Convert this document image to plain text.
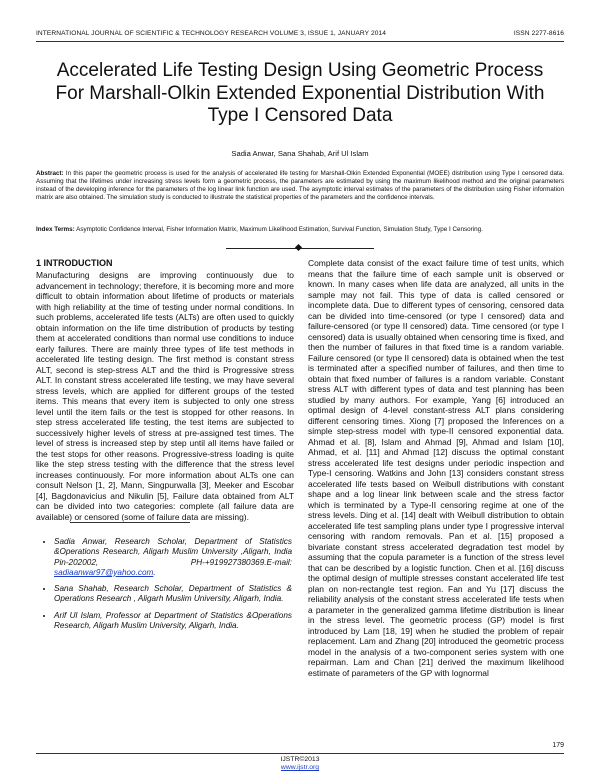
INTERNATIONAL JOURNAL OF SCIENTIFIC & TECHNOLOGY RESEARCH VOLUME 3, ISSUE 1, JANUARY 2014	ISSN 2277-8616
Accelerated Life Testing Design Using Geometric Process For Marshall-Olkin Extended Exponential Distribution With Type I Censored Data
Sadia Anwar, Sana Shahab, Arif Ul Islam
Abstract: In this paper the geometric process is used for the analysis of accelerated life testing for Marshall-Olkin Extended Exponential (MOEE) distribution using Type I censored data. Assuming that the lifetimes under increasing stress levels form a geometric process, the parameters are estimated by using the maximum likelihood method and the original parameters instead of the developing inference for the parameters of the log linear link function are used. The asymptotic interval estimates of the parameters of the distribution using Fisher information matrix are also obtained. The simulation study is conducted to illustrate the statistical properties of the parameters and the confidence intervals.
Index Terms: Asymptotic Confidence Interval, Fisher Information Matrix, Maximum Likelihood Estimation, Survival Function, Simulation Study, Type I Censoring.
1 INTRODUCTION

Manufacturing designs are improving continuously due to advancement in technology; therefore, it is becoming more and more difficult to obtain information about lifetime of products or materials with high reliability at the time of testing under normal conditions. In such problems, accelerated life tests (ALTs) are often used to quickly obtain information on the life time distribution of products by testing them at accelerated conditions than normal use conditions to induce early failures. There are mainly three types of life test methods in accelerated life testing design. The first method is constant stress ALT, second is step-stress ALT and the third is Progressive stress ALT. In constant stress accelerated life testing, we may have several stress levels, which are applied for different groups of the tested items. This means that every item is subjected to only one stress level until the item fails or the test is stopped for other reasons. In step stress accelerated life testing, the test items are subjected to successively higher levels of stress at pre-assigned test times. The level of stress is increased step by step until all items have failed or the test stops for other reasons. Progressive-stress loading is quite like the step stress testing with the difference that the stress level increases continuously. For more information about ALTs one can consult Nelson [1, 2], Mann, Singpurwalla [3], Meeker and Escobar [4], Bagdonavicius and Nikulin [5], Failure data obtained from ALT can be divided into two categories: complete (all failure data are available) or censored (some of failure data are missing).

• Sadia Anwar, Research Scholar, Department of Statistics &Operations Research, Aligarh Muslim University ,Aligarh, India Pin-202002, PH-+919927380369.E-mail: sadiaanwar97@yahoo.com.
• Sana Shahab, Research Scholar, Department of Statistics & Operations Research , Aligarh Muslim University, Aligarh, India.
• Arif Ul Islam, Professor at Department of Statistics &Operations Research, Aligarh Muslim University, Aligarh, India.

Complete data consist of the exact failure time of test units, which means that the failure time of each sample unit is observed or known. In many cases when life data are analyzed, all units in the sample may not fail. This type of data is called censored or incomplete data. Due to different types of censoring, censored data can be divided into time-censored (or type I censored) data and failure-censored (or type II censored) data. Time censored (or type I censored) data is usually obtained when censoring time is fixed, and then the number of failures in that fixed time is a random variable. Failure censored (or type II censored) data is obtained when the test is terminated after a specified number of failures, and then time to obtain that fixed number of failures is a random variable. Constant stress ALT with different types of data and test planning has been studied by many authors. For example, Yang [6] introduced an optimal design of 4-level constant-stress ALT plans considering different censoring times. Xiong [7] proposed the Inferences on a simple step-stress model with type-II censored exponential data. Ahmad et al. [8], Islam and Ahmad [9], Ahmad and Islam [10], Ahmad, et al. [11] and Ahmad [12] discuss the optimal constant stress accelerated life test designs under periodic inspection and Type-I censoring. Watkins and John [13] considers constant stress accelerated life tests based on Weibull distributions with constant shape and a log linear link between scale and the stress factor which is terminated by a Type-II censoring regime at one of the stress levels. Ding et al. [14] dealt with Weibull distribution to obtain accelerated life test sampling plans under type I progressive interval censoring with random removals. Pan et al. [15] proposed a bivariate constant stress accelerated degradation test model by assuming that the copula parameter is a function of the stress level that can be described by a logistic function. Chen et al. [16] discuss the optimal design of multiple stresses constant accelerated life test plan on non-rectangle test region. Fan and Yu [17] discuss the reliability analysis of the constant stress accelerated life tests when a parameter in the generalized gamma lifetime distribution is linear in the stress level. The geometric process (GP) model is first introduced by Lam [18, 19] when he studied the problem of repair replacement. Lam and Zhang [20] introduced the geometric process model in the analysis of a two-component series system with one repairman. Lam and Chan [21] derived the maximum likelihood estimate of parameters of the GP with lognormal

179
IJSTR©2013
www.ijstr.org
